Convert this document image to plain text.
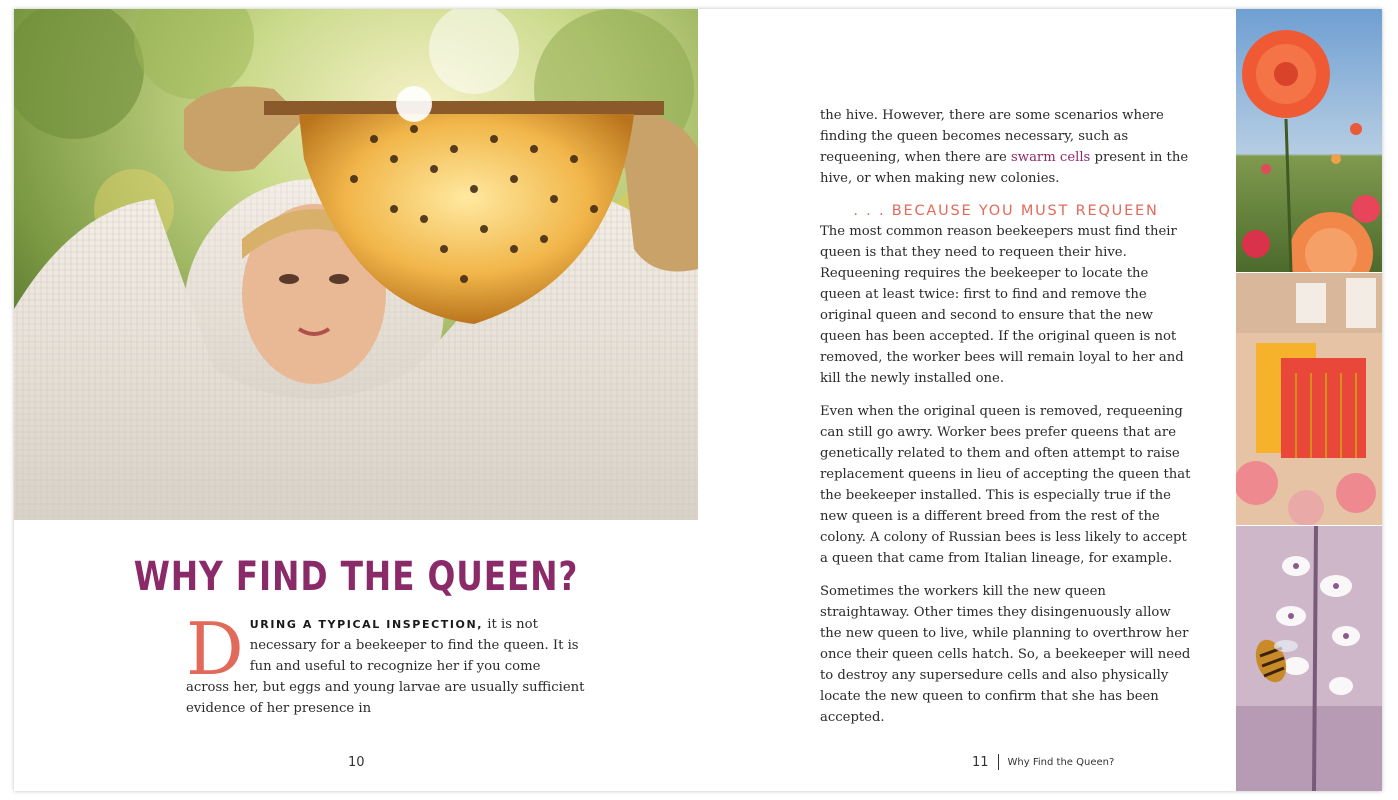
WHY FIND THE QUEEN?
DURING A TYPICAL INSPECTION, it is not necessary for a beekeeper to find the queen. It is fun and useful to recognize her if you come across her, but eggs and young larvae are usually sufficient evidence of her presence in
10

the hive. However, there are some scenarios where finding the queen becomes necessary, such as requeening, when there are swarm cells present in the hive, or when making new colonies.

. . . BECAUSE YOU MUST REQUEEN

The most common reason beekeepers must find their queen is that they need to requeen their hive. Requeening requires the beekeeper to locate the queen at least twice: first to find and remove the original queen and second to ensure that the new queen has been accepted. If the original queen is not removed, the worker bees will remain loyal to her and kill the newly installed one.

Even when the original queen is removed, requeening can still go awry. Worker bees prefer queens that are genetically related to them and often attempt to raise replacement queens in lieu of accepting the queen that the beekeeper installed. This is especially true if the new queen is a different breed from the rest of the colony. A colony of Russian bees is less likely to accept a queen that came from Italian lineage, for example.

Sometimes the workers kill the new queen straightaway. Other times they disingenuously allow the new queen to live, while planning to overthrow her once their queen cells hatch. So, a beekeeper will need to destroy any supersedure cells and also physically locate the new queen to confirm that she has been accepted.

11 Why Find the Queen?
